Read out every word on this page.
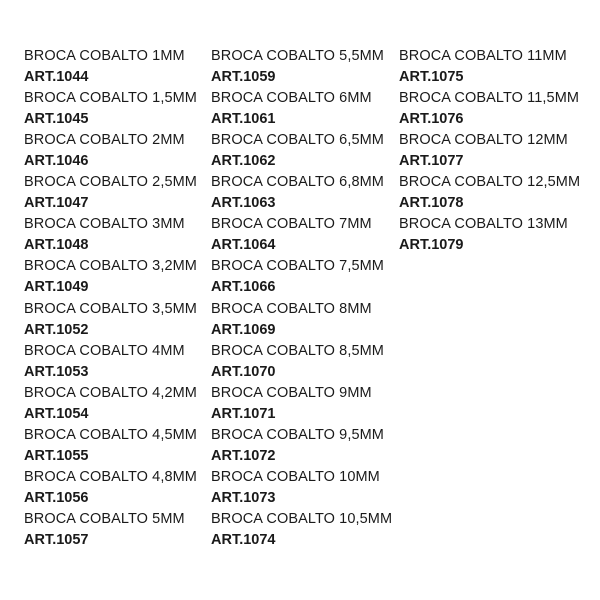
BROCA COBALTO 1MM
ART.1044
BROCA COBALTO 1,5MM
ART.1045
BROCA COBALTO 2MM
ART.1046
BROCA COBALTO 2,5MM
ART.1047
BROCA COBALTO 3MM
ART.1048
BROCA COBALTO 3,2MM
ART.1049
BROCA COBALTO 3,5MM
ART.1052
BROCA COBALTO 4MM
ART.1053
BROCA COBALTO 4,2MM
ART.1054
BROCA COBALTO 4,5MM
ART.1055
BROCA COBALTO 4,8MM
ART.1056
BROCA COBALTO 5MM
ART.1057
BROCA COBALTO 5,5MM
ART.1059
BROCA COBALTO 6MM
ART.1061
BROCA COBALTO 6,5MM
ART.1062
BROCA COBALTO 6,8MM
ART.1063
BROCA COBALTO 7MM
ART.1064
BROCA COBALTO 7,5MM
ART.1066
BROCA COBALTO 8MM
ART.1069
BROCA COBALTO 8,5MM
ART.1070
BROCA COBALTO 9MM
ART.1071
BROCA COBALTO 9,5MM
ART.1072
BROCA COBALTO 10MM
ART.1073
BROCA COBALTO 10,5MM
ART.1074
BROCA COBALTO 11MM
ART.1075
BROCA COBALTO 11,5MM
ART.1076
BROCA COBALTO 12MM
ART.1077
BROCA COBALTO 12,5MM
ART.1078
BROCA COBALTO 13MM
ART.1079
